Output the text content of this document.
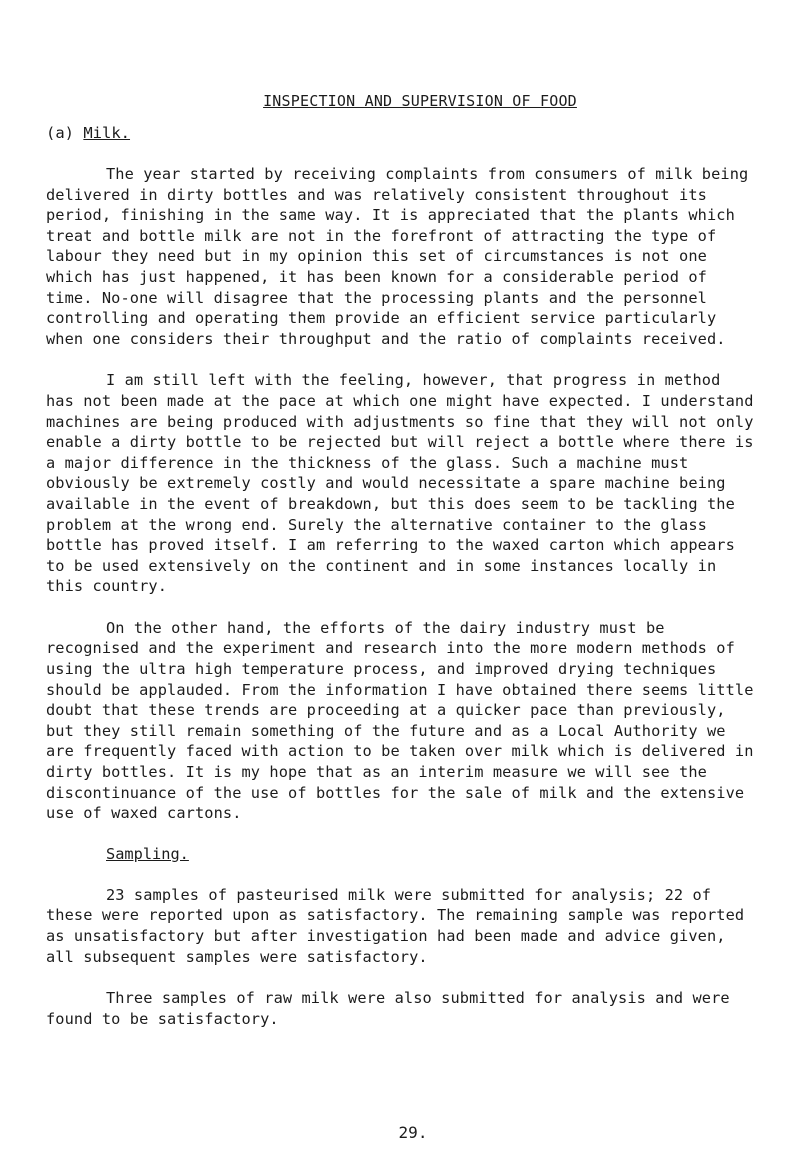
INSPECTION AND SUPERVISION OF FOOD
(a) Milk.

The year started by receiving complaints from consumers of milk being delivered in dirty bottles and was relatively consistent throughout its period, finishing in the same way. It is appreciated that the plants which treat and bottle milk are not in the forefront of attracting the type of labour they need but in my opinion this set of circumstances is not one which has just happened, it has been known for a considerable period of time. No-one will disagree that the processing plants and the personnel controlling and operating them provide an efficient service particularly when one considers their throughput and the ratio of complaints received.

I am still left with the feeling, however, that progress in method has not been made at the pace at which one might have expected. I understand machines are being produced with adjustments so fine that they will not only enable a dirty bottle to be rejected but will reject a bottle where there is a major difference in the thickness of the glass. Such a machine must obviously be extremely costly and would necessitate a spare machine being available in the event of breakdown, but this does seem to be tackling the problem at the wrong end. Surely the alternative container to the glass bottle has proved itself. I am referring to the waxed carton which appears to be used extensively on the continent and in some instances locally in this country.

On the other hand, the efforts of the dairy industry must be recognised and the experiment and research into the more modern methods of using the ultra high temperature process, and improved drying techniques should be applauded. From the information I have obtained there seems little doubt that these trends are proceeding at a quicker pace than previously, but they still remain something of the future and as a Local Authority we are frequently faced with action to be taken over milk which is delivered in dirty bottles. It is my hope that as an interim measure we will see the discontinuance of the use of bottles for the sale of milk and the extensive use of waxed cartons.

Sampling.

23 samples of pasteurised milk were submitted for analysis; 22 of these were reported upon as satisfactory. The remaining sample was reported as unsatisfactory but after investigation had been made and advice given, all subsequent samples were satisfactory.

Three samples of raw milk were also submitted for analysis and were found to be satisfactory.

29.
